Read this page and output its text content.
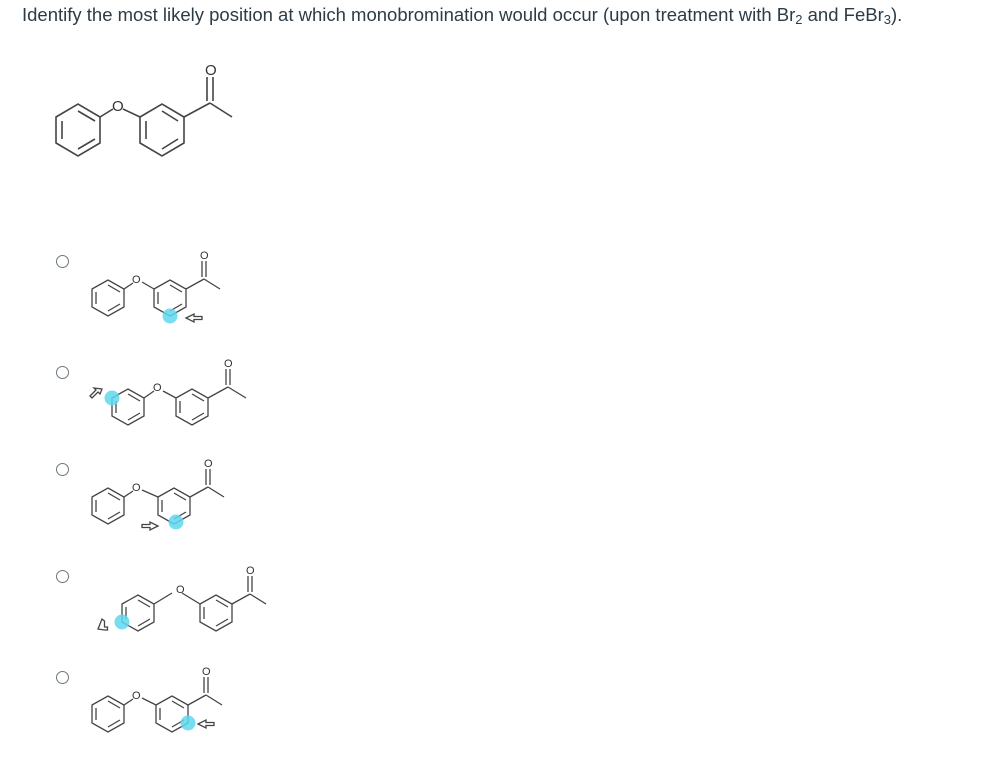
Identify the most likely position at which monobromination would occur (upon treatment with $Br_2$ and FeBr$_3$).
O
O
O
O
O
O
O
O
O
O
O
O
